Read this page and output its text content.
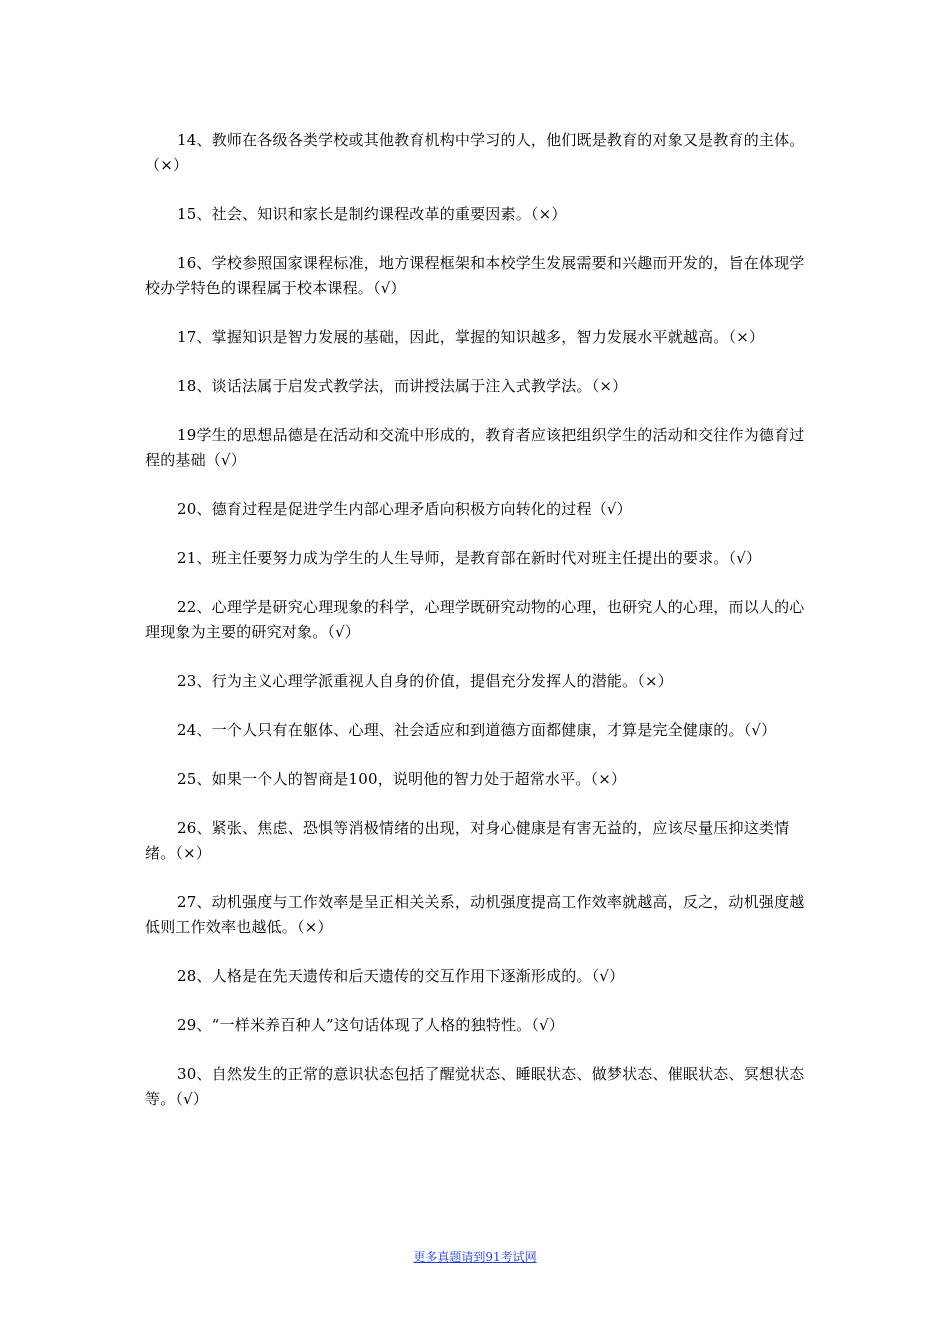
14、教师在各级各类学校或其他教育机构中学习的人，他们既是教育的对象又是教育的主体。（×）
15、社会、知识和家长是制约课程改革的重要因素。（×）
16、学校参照国家课程标准，地方课程框架和本校学生发展需要和兴趣而开发的，旨在体现学校办学特色的课程属于校本课程。（√）
17、掌握知识是智力发展的基础，因此，掌握的知识越多，智力发展水平就越高。（×）
18、谈话法属于启发式教学法，而讲授法属于注入式教学法。（×）
19学生的思想品德是在活动和交流中形成的，教育者应该把组织学生的活动和交往作为德育过程的基础（√）
20、德育过程是促进学生内部心理矛盾向积极方向转化的过程（√）
21、班主任要努力成为学生的人生导师，是教育部在新时代对班主任提出的要求。（√）
22、心理学是研究心理现象的科学，心理学既研究动物的心理，也研究人的心理，而以人的心理现象为主要的研究对象。（√）
23、行为主义心理学派重视人自身的价值，提倡充分发挥人的潜能。（×）
24、一个人只有在躯体、心理、社会适应和到道德方面都健康，才算是完全健康的。（√）
25、如果一个人的智商是100，说明他的智力处于超常水平。（×）
26、紧张、焦虑、恐惧等消极情绪的出现，对身心健康是有害无益的，应该尽量压抑这类情绪。（×）
27、动机强度与工作效率是呈正相关关系，动机强度提高工作效率就越高，反之，动机强度越低则工作效率也越低。（×）
28、人格是在先天遗传和后天遗传的交互作用下逐渐形成的。（√）
29、“一样米养百种人”这句话体现了人格的独特性。（√）
30、自然发生的正常的意识状态包括了醒觉状态、睡眠状态、做梦状态、催眠状态、冥想状态等。（√）
更多真题请到91考试网
